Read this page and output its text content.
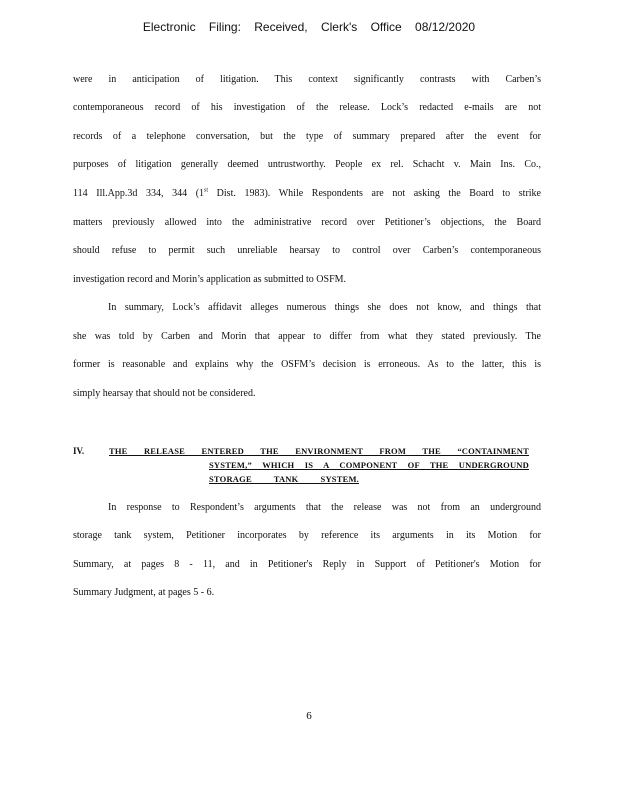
Electronic Filing: Received, Clerk's Office 08/12/2020
were in anticipation of litigation. This context significantly contrasts with Carben’s
contemporaneous record of his investigation of the release. Lock’s redacted e-mails are not
records of a telephone conversation, but the type of summary prepared after the event for
purposes of litigation generally deemed untrustworthy. People ex rel. Schacht v. Main Ins. Co.,
114 Ill.App.3d 334, 344 (1st Dist. 1983). While Respondents are not asking the Board to strike
matters previously allowed into the administrative record over Petitioner’s objections, the Board
should refuse to permit such unreliable hearsay to control over Carben’s contemporaneous
investigation record and Morin’s application as submitted to OSFM.
In summary, Lock’s affidavit alleges numerous things she does not know, and things that
she was told by Carben and Morin that appear to differ from what they stated previously. The
former is reasonable and explains why the OSFM’s decision is erroneous. As to the latter, this is
simply hearsay that should not be considered.
IV.	THE RELEASE ENTERED THE ENVIRONMENT FROM THE “CONTAINMENT
SYSTEM,” WHICH IS A COMPONENT OF THE UNDERGROUND
STORAGE TANK SYSTEM.
In response to Respondent’s arguments that the release was not from an underground
storage tank system, Petitioner incorporates by reference its arguments in its Motion for
Summary, at pages 8 - 11, and in Petitioner's Reply in Support of Petitioner's Motion for
Summary Judgment, at pages 5 - 6.
6
